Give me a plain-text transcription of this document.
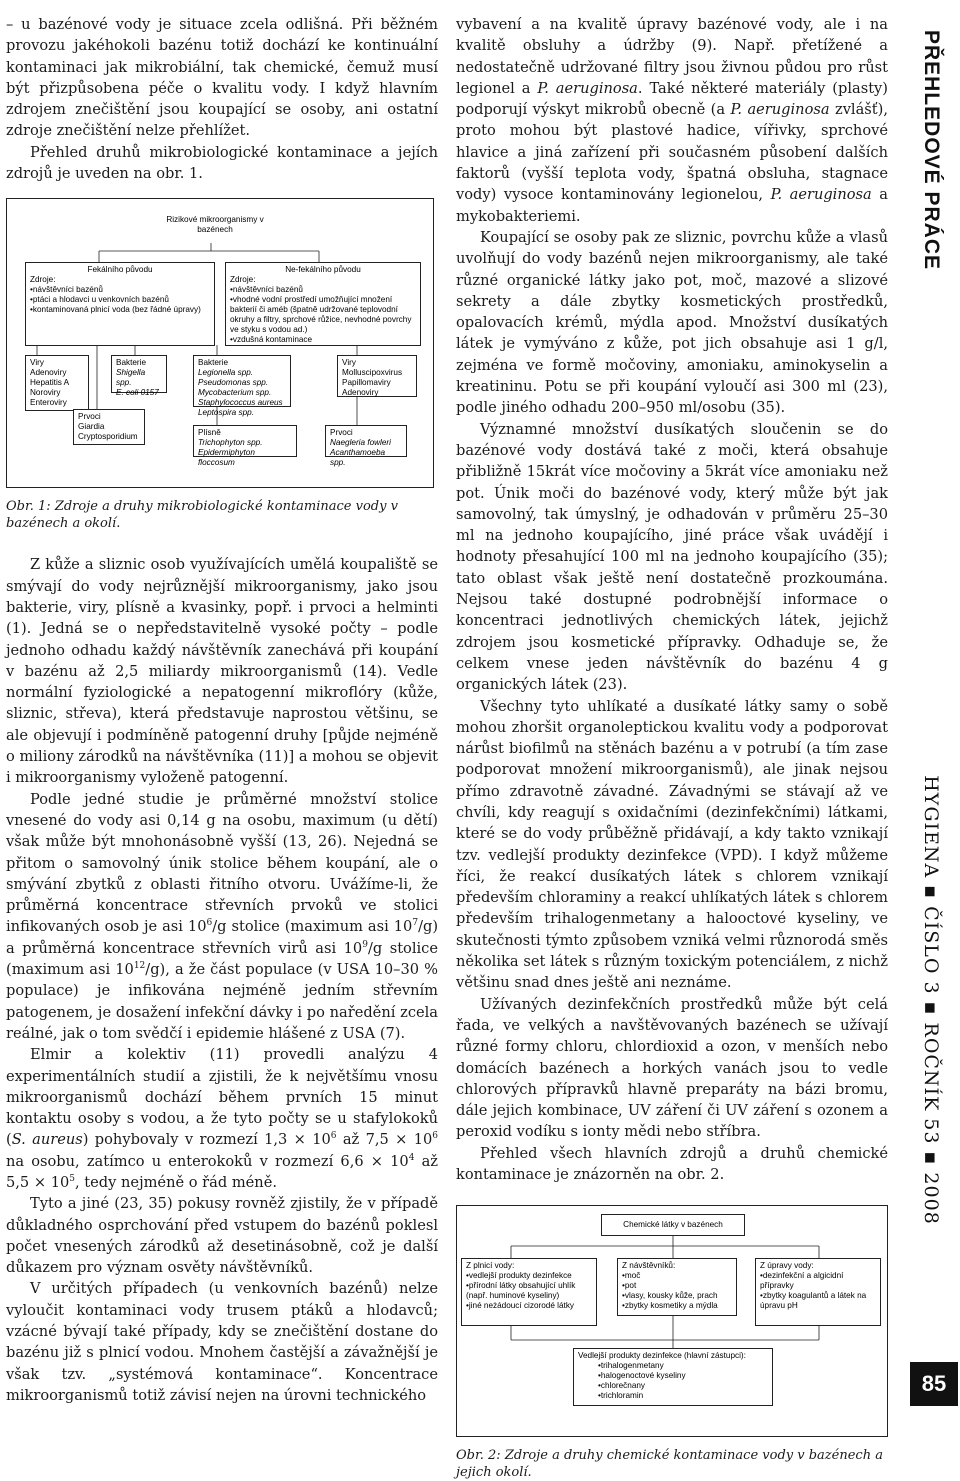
– u bazénové vody je situace zcela odlišná. Při běžném provozu jakéhokoli bazénu totiž dochází ke kontinuální kontaminaci jak mikrobiální, tak chemické, čemuž musí být přizpůsobena péče o kvalitu vody. I když hlavním zdrojem znečištění jsou koupající se osoby, ani ostatní zdroje znečištění nelze přehlížet.

Přehled druhů mikrobiologické kontaminace a jejích zdrojů je uveden na obr. 1.

Rizikové mikroorganismy v bazénech
Fekálního původu
Zdroje:
• návštěvníci bazénů
• ptáci a hlodavci u venkovních bazénů
• kontaminovaná plnicí voda (bez řádné úpravy)
Ne-fekálního původu
Zdroje:
• návštěvníci bazénů
• vhodné vodní prostředí umožňující množení bakterií či améb (špatně udržované teplovodní okruhy a filtry, sprchové růžice, nevhodné povrchy ve styku s vodou ad.)
• vzdušná kontaminace
Viry
Adenoviry
Hepatitis A
Noroviry
Enteroviry
Bakterie
Shigella spp.
E. coli 0157
Prvoci
Giardia
Cryptosporidium
Bakterie
Legionella spp.
Pseudomonas spp.
Mycobacterium spp.
Staphylococcus aureus
Leptospira spp.
Viry
Molluscipoxvirus
Papillomaviry
Adenoviry
Plísně
Trichophyton spp.
Epidermiphyton floccosum
Prvoci
Naegleria fowleri
Acanthamoeba spp.

Obr. 1: Zdroje a druhy mikrobiologické kontaminace vody v bazénech a okolí.

Z kůže a sliznic osob využívajících umělá koupaliště se smývají do vody nejrůznější mikroorganismy, jako jsou bakterie, viry, plísně a kvasinky, popř. i prvoci a helminti (1). Jedná se o nepředstavitelně vysoké počty – podle jednoho odhadu každý návštěvník zanechává při koupání v bazénu až 2,5 miliardy mikroorganismů (14). Vedle normální fyziologické a nepatogenní mikroflóry (kůže, sliznic, střeva), která představuje naprostou většinu, se ale objevují i podmíněně patogenní druhy [půjde nejméně o miliony zárodků na návštěvníka (11)] a mohou se objevit i mikroorganismy vyloženě patogenní.

Podle jedné studie je průměrné množství stolice vnesené do vody asi 0,14 g na osobu, maximum (u dětí) však může být mnohonásobně vyšší (13, 26). Nejedná se přitom o samovolný únik stolice během koupání, ale o smývání zbytků z oblasti řitního otvoru. Uvážíme-li, že průměrná koncentrace střevních prvoků ve stolici infikovaných osob je asi $10^6/g$ stolice (maximum asi $10^7/g$) a průměrná koncentrace střevních virů asi $10^9/g$ stolice (maximum asi $10^{12}/g$), a že část populace (v USA 10–30 % populace) je infikována nejméně jedním střevním patogenem, je dosažení infekční dávky i po naředění zcela reálné, jak o tom svědčí i epidemie hlášené z USA (7).

Elmir a kolektiv (11) provedli analýzu 4 experimentálních studií a zjistili, že k největšímu vnosu mikroorganismů dochází během prvních 15 minut kontaktu osoby s vodou, a že tyto počty se u stafylokoků (S. aureus) pohybovaly v rozmezí $1,3 \times 10^6$ až $7,5 \times 10^6$ na osobu, zatímco u enterokoků v rozmezí $6,6 \times 10^4$ až $5,5 \times 10^5$, tedy nejméně o řád méně.

Tyto a jiné (23, 35) pokusy rovněž zjistily, že v případě důkladného osprchování před vstupem do bazénů poklesl počet vnesených zárodků až desetinásobně, což je další důkazem pro význam osvěty návštěvníků.

V určitých případech (u venkovních bazénů) nelze vyloučit kontaminaci vody trusem ptáků a hlodavců; vzácné bývají také případy, kdy se znečištění dostane do bazénu již s plnicí vodou. Mnohem častější a závažnější je však tzv. „systémová kontaminace“. Koncentrace mikroorganismů totiž závisí nejen na úrovni technického

vybavení a na kvalitě úpravy bazénové vody, ale i na kvalitě obsluhy a údržby (9). Např. přetížené a nedostatečně udržované filtry jsou živnou půdou pro růst legionel a P. aeruginosa. Také některé materiály (plasty) podporují výskyt mikrobů obecně (a P. aeruginosa zvlášť), proto mohou být plastové hadice, vířivky, sprchové hlavice a jiná zařízení při současném působení dalších faktorů (vyšší teplota vody, špatná obsluha, stagnace vody) vysoce kontaminovány legionelou, P. aeruginosa a mykobakteriemi.

Koupající se osoby pak ze sliznic, povrchu kůže a vlasů uvolňují do vody bazénů nejen mikroorganismy, ale také různé organické látky jako pot, moč, mazové a slizové sekrety a dále zbytky kosmetických prostředků, opalovacích krémů, mýdla apod. Množství dusíkatých látek je vymýváno z kůže, pot jich obsahuje asi 1 g/l, zejména ve formě močoviny, amoniaku, aminokyselin a kreatininu. Potu se při koupání vyloučí asi 300 ml (23), podle jiného odhadu 200–950 ml/osobu (35).

Významné množství dusíkatých sloučenin se do bazénové vody dostává také z moči, která obsahuje přibližně 15krát více močoviny a 5krát více amoniaku než pot. Únik moči do bazénové vody, který může být jak samovolný, tak úmyslný, je odhadován v průměru 25–30 ml na jednoho koupajícího, jiné práce však uvádějí i hodnoty přesahující 100 ml na jednoho koupajícího (35); tato oblast však ještě není dostatečně prozkoumána. Nejsou také dostupné podrobnější informace o koncentraci jednotlivých chemických látek, jejichž zdrojem jsou kosmetické přípravky. Odhaduje se, že celkem vnese jeden návštěvník do bazénu 4 g organických látek (23).

Všechny tyto uhlíkaté a dusíkaté látky samy o sobě mohou zhoršit organoleptickou kvalitu vody a podporovat nárůst biofilmů na stěnách bazénu a v potrubí (a tím zase podporovat množení mikroorganismů), ale jinak nejsou přímo zdravotně závadné. Závadnými se stávají až ve chvíli, kdy reagují s oxidačními (dezinfekčními) látkami, které se do vody průběžně přidávají, a kdy takto vznikají tzv. vedlejší produkty dezinfekce (VPD). I když můžeme říci, že reakcí dusíkatých látek s chlorem vznikají především chloraminy a reakcí uhlíkatých látek s chlorem především trihalogenmetany a halooctové kyseliny, ve skutečnosti týmto způsobem vzniká velmi různorodá směs několika set látek s různým toxickým potenciálem, z nichž většinu snad dnes ještě ani neznáme.

Užívaných dezinfekčních prostředků může být celá řada, ve velkých a navštěvovaných bazénech se užívají různé formy chloru, chlordioxid a ozon, v menších nebo domácích bazénech a horkých vanách jsou to vedle chlorových přípravků hlavně preparáty na bázi bromu, dále jejich kombinace, UV záření či UV záření s ozonem a peroxid vodíku s ionty mědi nebo stříbra.

Přehled všech hlavních zdrojů a druhů chemické kontaminace je znázorněn na obr. 2.

Chemické látky v bazénech
Z plnicí vody:
• vedlejší produkty dezinfekce
• přírodní látky obsahující uhlík (např. huminové kyseliny)
• jiné neżádoucí cizorodé látky
Z návštěvníků:
• moč
• pot
• vlasy, kousky kůže, prach
• zbytky kosmetiky a mýdla
Z úpravy vody:
• dezinfekční a algicidní přípravky
• zbytky koagulantů a látek na úpravu pH
Vedlejší produkty dezinfekce (hlavní zástupci):
• trihalogenmetany
• halogenoctové kyseliny
• chlorečnany
• trichloramin

Obr. 2: Zdroje a druhy chemické kontaminace vody v bazénech a jejich okolí.

PŘEHLEDOVÉ PRÁCE
HYGIENA ▪ ČÍSLO 3 ▪ ROČNÍK 53 ▪ 2008
85
